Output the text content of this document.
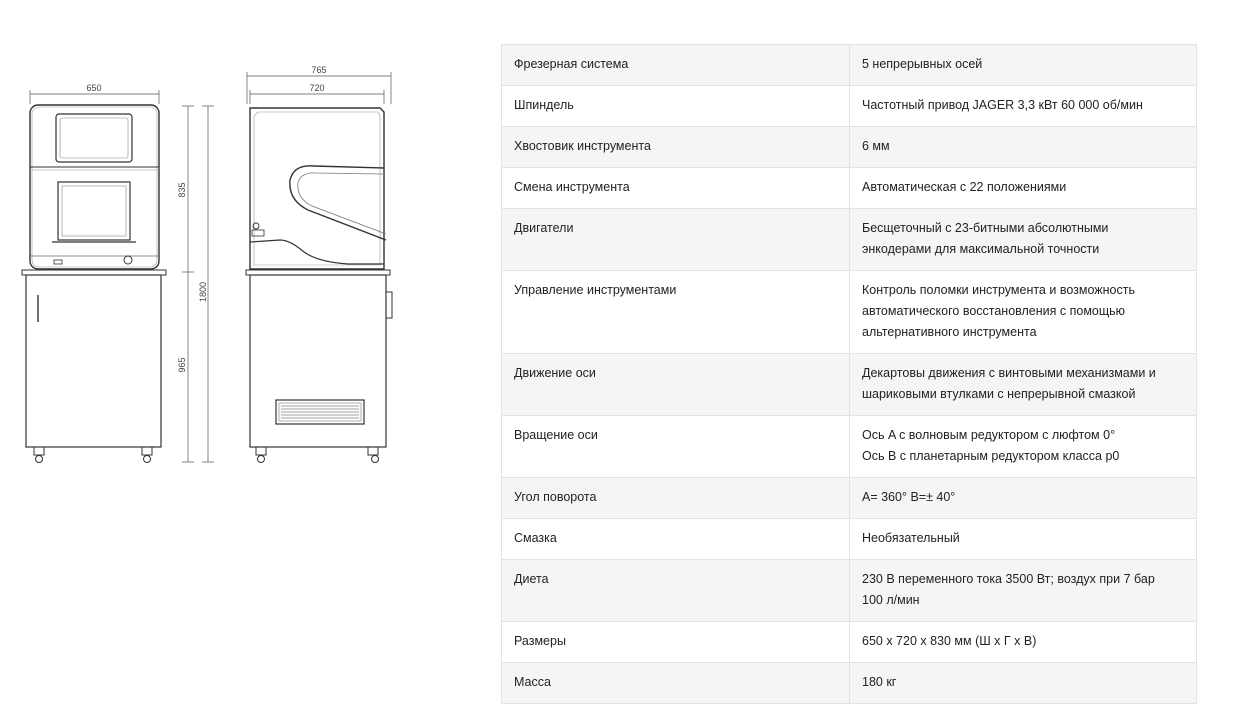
650
765
720
835
965
1800
Фрезерная система	5 непрерывных осей

Шпиндель	Частотный привод JAGER 3,3 кВт 60 000 об/мин

Хвостовик инструмента	6 мм

Смена инструмента	Автоматическая с 22 положениями

Двигатели	Бесщеточный с 23-битными абсолютными
энкодерами для максимальной точности

Управление инструментами	Контроль поломки инструмента и возможность
автоматического восстановления с помощью
альтернативного инструмента

Движение оси	Декартовы движения с винтовыми механизмами и
шариковыми втулками с непрерывной смазкой

Вращение оси	Ось A с волновым редуктором с люфтом 0°
Ось B с планетарным редуктором класса p0

Угол поворота	A= 360° B=± 40°

Смазка	Необязательный

Диета	230 В переменного тока 3500 Вт; воздух при 7 бар
100 л/мин

Размеры	650 x 720 x 830 мм (Ш x Г x В)

Масса	180 кг
